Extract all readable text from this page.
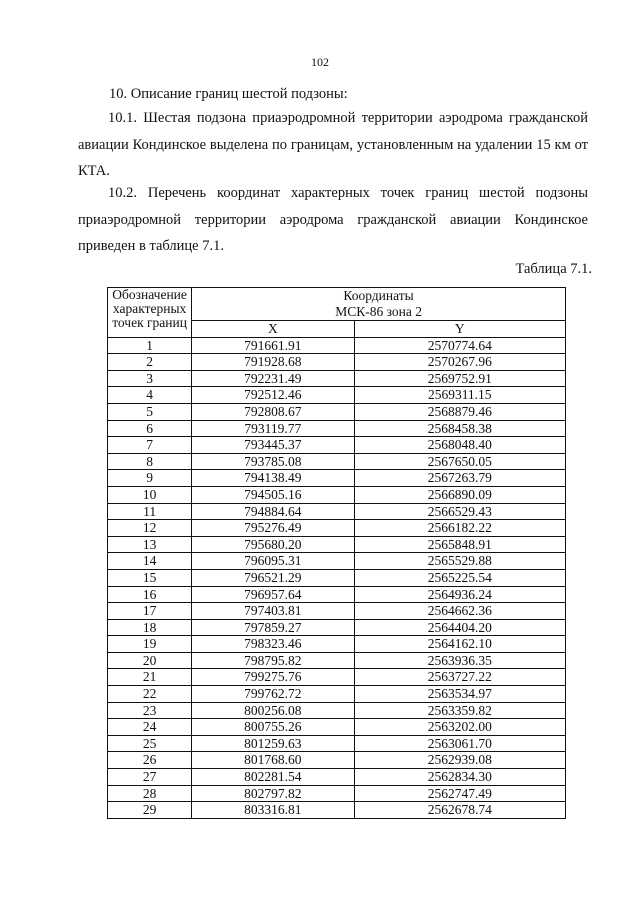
102
10. Описание границ шестой подзоны:
10.1. Шестая подзона приаэродромной территории аэродрома гражданской авиации Кондинское выделена по границам, установленным на удалении 15 км от КТА.
10.2. Перечень координат характерных точек границ шестой подзоны приаэродромной территории аэродрома гражданской авиации Кондинское приведен в таблице 7.1.
Таблица 7.1.
Обозначение
характерных
точек границ	Координаты
МСК-86 зона 2	

	X	Y
1	791661.91	2570774.64
2	791928.68	2570267.96
3	792231.49	2569752.91
4	792512.46	2569311.15
5	792808.67	2568879.46
6	793119.77	2568458.38
7	793445.37	2568048.40
8	793785.08	2567650.05
9	794138.49	2567263.79
10	794505.16	2566890.09
11	794884.64	2566529.43
12	795276.49	2566182.22
13	795680.20	2565848.91
14	796095.31	2565529.88
15	796521.29	2565225.54
16	796957.64	2564936.24
17	797403.81	2564662.36
18	797859.27	2564404.20
19	798323.46	2564162.10
20	798795.82	2563936.35
21	799275.76	2563727.22
22	799762.72	2563534.97
23	800256.08	2563359.82
24	800755.26	2563202.00
25	801259.63	2563061.70
26	801768.60	2562939.08
27	802281.54	2562834.30
28	802797.82	2562747.49
29	803316.81	2562678.74
